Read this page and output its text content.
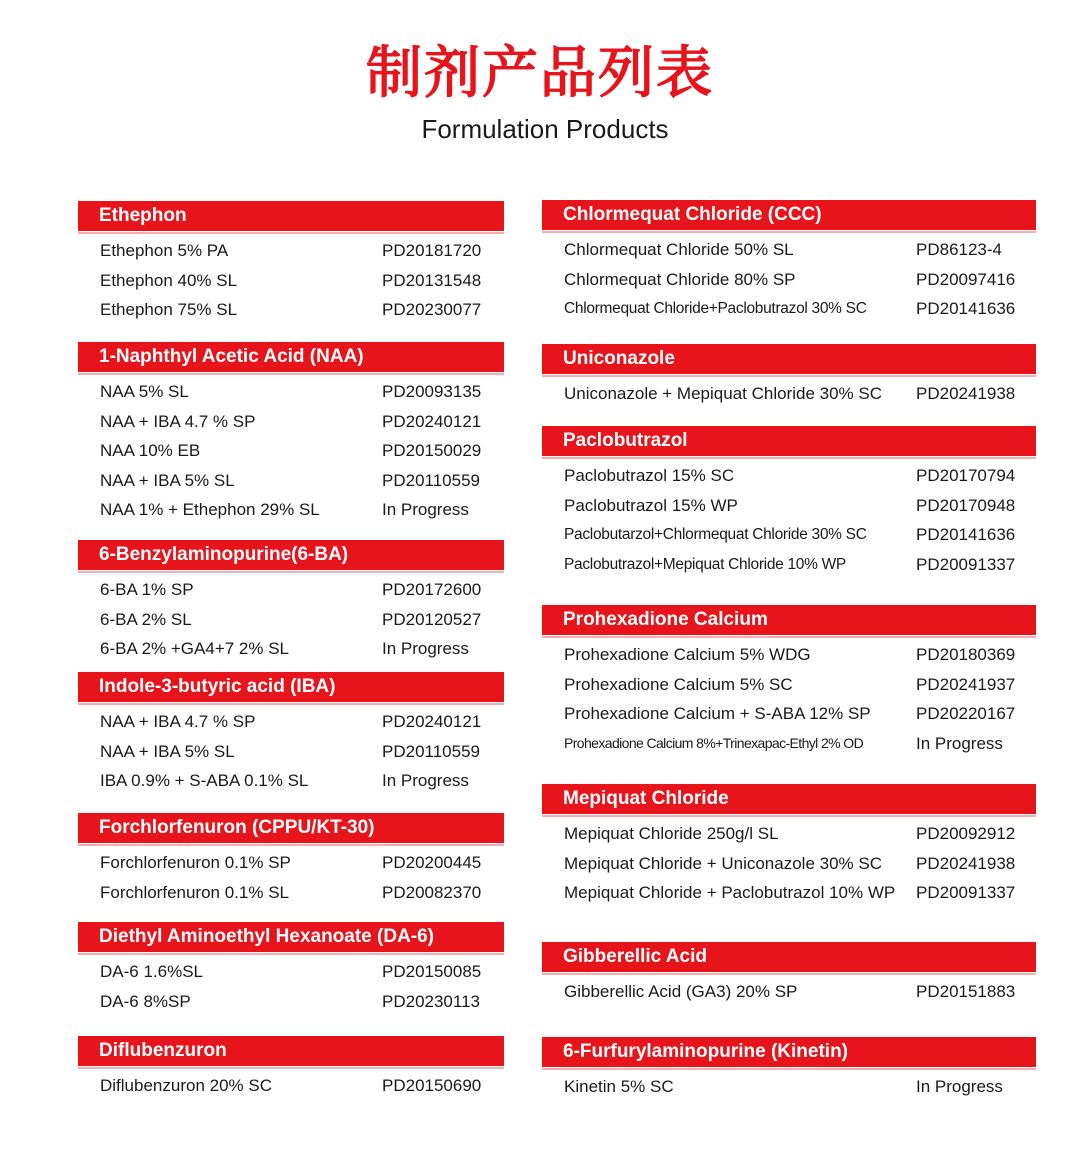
制剂产品列表
Formulation Products
Ethephon
Ethephon 5% PA	PD20181720
Ethephon 40% SL	PD20131548
Ethephon 75% SL	PD20230077
1-Naphthyl Acetic Acid (NAA)
NAA 5% SL	PD20093135
NAA + IBA 4.7 % SP	PD20240121
NAA 10% EB	PD20150029
NAA + IBA 5% SL	PD20110559
NAA 1% + Ethephon 29% SL	In Progress
6-Benzylaminopurine(6-BA)
6-BA 1% SP	PD20172600
6-BA 2% SL	PD20120527
6-BA 2% +GA4+7 2% SL	In Progress
Indole-3-butyric acid (IBA)
NAA + IBA 4.7 % SP	PD20240121
NAA + IBA 5% SL	PD20110559
IBA 0.9% + S-ABA 0.1% SL	In Progress
Forchlorfenuron (CPPU/KT-30)
Forchlorfenuron 0.1% SP	PD20200445
Forchlorfenuron 0.1% SL	PD20082370
Diethyl Aminoethyl Hexanoate (DA-6)
DA-6 1.6%SL	PD20150085
DA-6 8%SP	PD20230113
Diflubenzuron
Diflubenzuron 20% SC	PD20150690
Chlormequat Chloride (CCC)
Chlormequat Chloride 50% SL	PD86123-4
Chlormequat Chloride 80% SP	PD20097416
Chlormequat Chloride+Paclobutrazol 30% SC	PD20141636
Uniconazole
Uniconazole + Mepiquat Chloride 30% SC PD20241938
Paclobutrazol
Paclobutrazol 15% SC	PD20170794
Paclobutrazol 15% WP	PD20170948
Paclobutarzol+Chlormequat Chloride 30% SC	PD20141636
Paclobutrazol+Mepiquat Chloride 10% WP	PD20091337
Prohexadione Calcium
Prohexadione Calcium 5% WDG	PD20180369
Prohexadione Calcium 5% SC	PD20241937
Prohexadione Calcium + S-ABA 12% SP	PD20220167
Prohexadione Calcium 8%+Trinexapac-Ethyl 2% OD	In Progress
Mepiquat Chloride
Mepiquat Chloride 250g/l SL	PD20092912
Mepiquat Chloride + Uniconazole 30% SC PD20241938
Mepiquat Chloride + Paclobutrazol 10% WP PD20091337
Gibberellic Acid
Gibberellic Acid (GA3) 20% SP	PD20151883
6-Furfurylaminopurine (Kinetin)
Kinetin 5% SC	In Progress
